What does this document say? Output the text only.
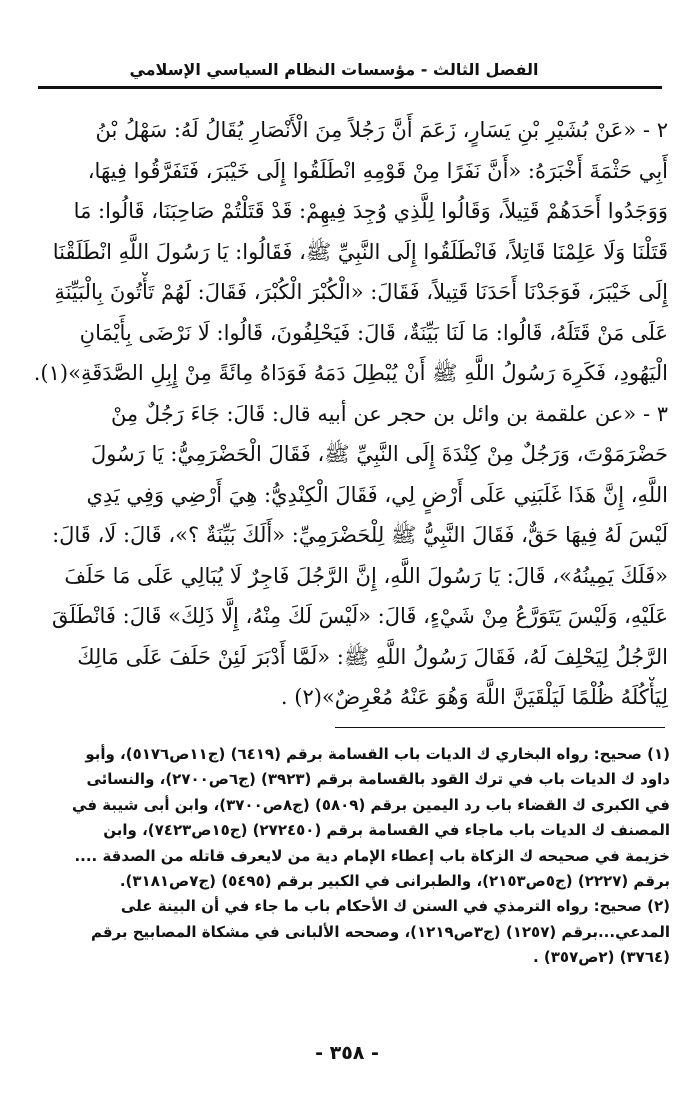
الفصل الثالث - مؤسسات النظام السياسي الإسلامي
٢ - «عَنْ بُشَيْرِ بْنِ يَسَارٍ، زَعَمَ أَنَّ رَجُلاً مِنَ الْأَنْصَارِ يُقَالُ لَهُ: سَهْلُ بْنُ
أَبِي حَثْمَةَ أَخْبَرَهُ: «أَنَّ نَفَرًا مِنْ قَوْمِهِ انْطَلَقُوا إِلَى خَيْبَرَ، فَتَفَرَّقُوا فِيهَا،
وَوَجَدُوا أَحَدَهُمْ قَتِيلاً، وَقَالُوا لِلَّذِي وُجِدَ فِيهِمْ: قَدْ قَتَلْتُمْ صَاحِبَنَا، قَالُوا: مَا
قَتَلْنَا وَلَا عَلِمْنَا قَاتِلاً، فَانْطَلَقُوا إِلَى النَّبِيِّ ﷺ، فَقَالُوا: يَا رَسُولَ اللَّهِ انْطَلَقْنَا
إِلَى خَيْبَرَ، فَوَجَدْنَا أَحَدَنَا قَتِيلاً، فَقَالَ: «الْكُبْرَ الْكُبْرَ، فَقَالَ: لَهُمْ تَأْتُونَ بِالْبَيِّنَةِ
عَلَى مَنْ قَتَلَهُ، قَالُوا: مَا لَنَا بَيِّنَةٌ، قَالَ: فَيَحْلِفُونَ، قَالُوا: لَا نَرْضَى بِأَيْمَانِ
الْيَهُودِ، فَكَرِهَ رَسُولُ اللَّهِ ﷺ أَنْ يُبْطِلَ دَمَهُ فَوَدَاهُ مِائَةً مِنْ إِبِلِ الصَّدَقَةِ»(١).
٣ - «عن علقمة بن وائل بن حجر عن أبيه قال: قَالَ: جَاءَ رَجُلٌ مِنْ
حَضْرَمَوْتَ، وَرَجُلٌ مِنْ كِنْدَةَ إِلَى النَّبِيِّ ﷺ، فَقَالَ الْحَضْرَمِيُّ: يَا رَسُولَ
اللَّهِ، إِنَّ هَذَا غَلَبَنِي عَلَى أَرْضٍ لِي، فَقَالَ الْكِنْدِيُّ: هِيَ أَرْضِي وَفِي يَدِي
لَيْسَ لَهُ فِيهَا حَقٌّ، فَقَالَ النَّبِيُّ ﷺ لِلْحَضْرَمِيِّ: «أَلَكَ بَيِّنَةٌ ؟»، قَالَ: لَا، قَالَ:
«فَلَكَ يَمِينُهُ»، قَالَ: يَا رَسُولَ اللَّهِ، إِنَّ الرَّجُلَ فَاجِرٌ لَا يُبَالِي عَلَى مَا حَلَفَ
عَلَيْهِ، وَلَيْسَ يَتَوَرَّعُ مِنْ شَيْءٍ، قَالَ: «لَيْسَ لَكَ مِنْهُ، إِلَّا ذَلِكَ» قَالَ: فَانْطَلَقَ
الرَّجُلُ لِيَحْلِفَ لَهُ، فَقَالَ رَسُولُ اللَّهِ ﷺ: «لَمَّا أَدْبَرَ لَئِنْ حَلَفَ عَلَى مَالِكَ
لِيَأْكُلَهُ ظُلْمًا لَيَلْقَيَنَّ اللَّهَ وَهُوَ عَنْهُ مُعْرِضٌ»(٢) .
(١) صحيح: رواه البخاري ك الديات باب القسامة برقم (٦٤١٩) (ج١١ص٥١٧٦)، وأبو
داود ك الديات باب في ترك القود بالقسامة برقم (٣٩٢٣) (ج٦ص٢٧٠٠)، والنسائى
في الكبرى ك القضاء باب رد اليمين برقم (٥٨٠٩) (ج٨ص٣٧٠٠)، وابن أبى شيبة في
المصنف ك الديات باب ماجاء في القسامة برقم (٢٧٢٤٥٠) (ج١٥ص٧٤٢٣)، وابن
خزيمة في صحيحه ك الزكاة باب إعطاء الإمام دية من لايعرف قاتله من الصدقة ....
برقم (٢٢٢٧) (ج٥ص٢١٥٣)، والطبرانى في الكبير برقم (٥٤٩٥) (ج٧ص٣١٨١).
(٢) صحيح: رواه الترمذي في السنن ك الأحكام باب ما جاء في أن البينة على
المدعي...برقم (١٢٥٧) (ج٣ص١٢١٩)، وصححه الألبانى في مشكاة المصابيح برقم
(٣٧٦٤) (٢ص٣٥٧) .
- ٣٥٨ -
